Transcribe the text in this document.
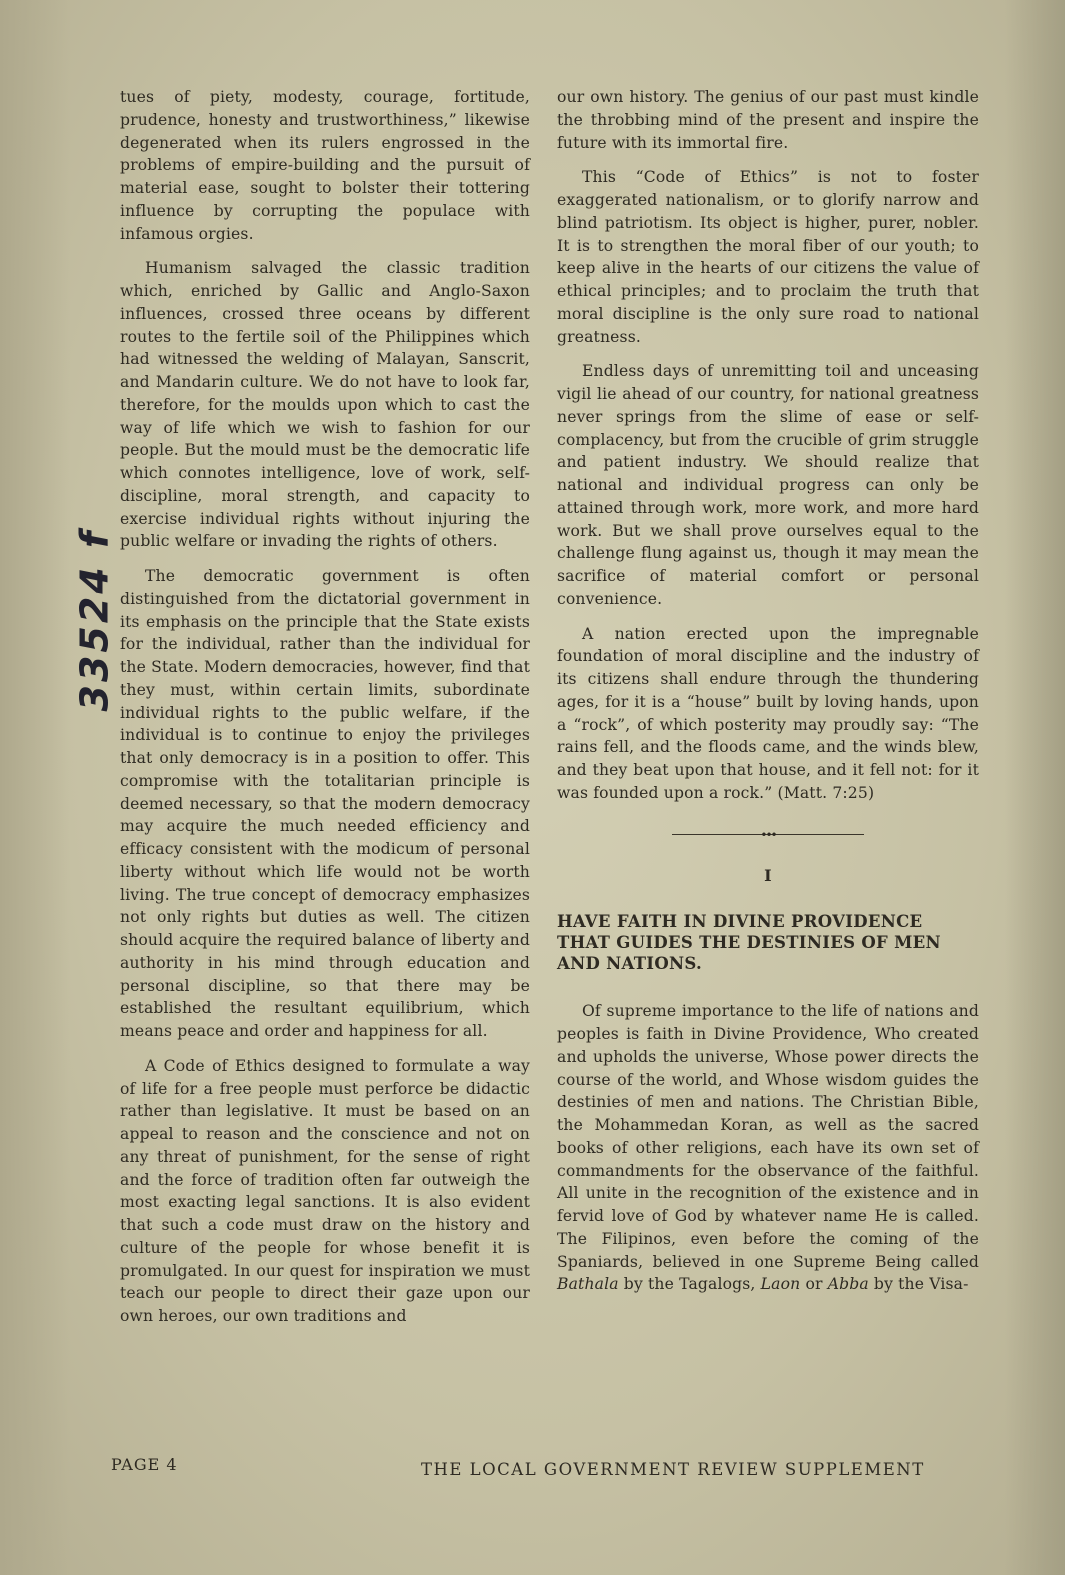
33524 f

tues of piety, modesty, courage, fortitude, prudence, honesty and trustworthiness,” likewise degenerated when its rulers engrossed in the problems of empire-building and the pursuit of material ease, sought to bolster their tottering influence by corrupting the populace with infamous orgies.

Humanism salvaged the classic tradition which, enriched by Gallic and Anglo-Saxon influences, crossed three oceans by different routes to the fertile soil of the Philippines which had witnessed the welding of Malayan, Sanscrit, and Mandarin culture. We do not have to look far, therefore, for the moulds upon which to cast the way of life which we wish to fashion for our people. But the mould must be the democratic life which connotes intelligence, love of work, self-discipline, moral strength, and capacity to exercise individual rights without injuring the public welfare or invading the rights of others.

The democratic government is often distinguished from the dictatorial government in its emphasis on the principle that the State exists for the individual, rather than the individual for the State. Modern democracies, however, find that they must, within certain limits, subordinate individual rights to the public welfare, if the individual is to continue to enjoy the privileges that only democracy is in a position to offer. This compromise with the totalitarian principle is deemed necessary, so that the modern democracy may acquire the much needed efficiency and efficacy consistent with the modicum of personal liberty without which life would not be worth living. The true concept of democracy emphasizes not only rights but duties as well. The citizen should acquire the required balance of liberty and authority in his mind through education and personal discipline, so that there may be established the resultant equilibrium, which means peace and order and happiness for all.

A Code of Ethics designed to formulate a way of life for a free people must perforce be didactic rather than legislative. It must be based on an appeal to reason and the conscience and not on any threat of punishment, for the sense of right and the force of tradition often far outweigh the most exacting legal sanctions. It is also evident that such a code must draw on the history and culture of the people for whose benefit it is promulgated. In our quest for inspiration we must teach our people to direct their gaze upon our own heroes, our own traditions and

our own history. The genius of our past must kindle the throbbing mind of the present and inspire the future with its immortal fire.

This “Code of Ethics” is not to foster exaggerated nationalism, or to glorify narrow and blind patriotism. Its object is higher, purer, nobler. It is to strengthen the moral fiber of our youth; to keep alive in the hearts of our citizens the value of ethical principles; and to proclaim the truth that moral discipline is the only sure road to national greatness.

Endless days of unremitting toil and unceasing vigil lie ahead of our country, for national greatness never springs from the slime of ease or self-complacency, but from the crucible of grim struggle and patient industry. We should realize that national and individual progress can only be attained through work, more work, and more hard work. But we shall prove ourselves equal to the challenge flung against us, though it may mean the sacrifice of material comfort or personal convenience.

A nation erected upon the impregnable foundation of moral discipline and the industry of its citizens shall endure through the thundering ages, for it is a “house” built by loving hands, upon a “rock”, of which posterity may proudly say: “The rains fell, and the floods came, and the winds blew, and they beat upon that house, and it fell not: for it was founded upon a rock.” (Matt. 7:25)

•••
I
HAVE FAITH IN DIVINE PROVIDENCE THAT GUIDES THE DESTINIES OF MEN AND NATIONS.

Of supreme importance to the life of nations and peoples is faith in Divine Providence, Who created and upholds the universe, Whose power directs the course of the world, and Whose wisdom guides the destinies of men and nations. The Christian Bible, the Mohammedan Koran, as well as the sacred books of other religions, each have its own set of commandments for the observance of the faithful. All unite in the recognition of the existence and in fervid love of God by whatever name He is called. The Filipinos, even before the coming of the Spaniards, believed in one Supreme Being called Bathala by the Tagalogs, Laon or Abba by the Visa-

PAGE 4	THE LOCAL GOVERNMENT REVIEW SUPPLEMENT
